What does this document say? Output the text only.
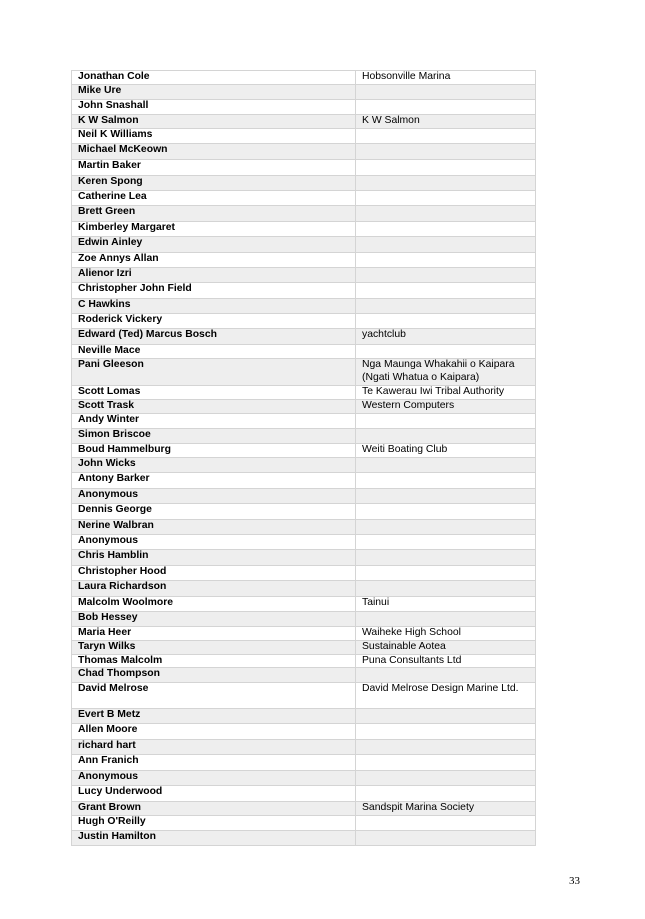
Jonathan Cole	Hobsonville Marina
Mike Ure	
John Snashall	
K W Salmon	K W Salmon
Neil K Williams	
Michael McKeown	
Martin Baker	
Keren Spong	
Catherine Lea	
Brett Green	
Kimberley Margaret	
Edwin Ainley	
Zoe Annys Allan	
Alienor Izri	
Christopher John Field	
C Hawkins	
Roderick Vickery	
Edward (Ted) Marcus Bosch	yachtclub
Neville Mace	
Pani Gleeson	Nga Maunga Whakahii o Kaipara (Ngati Whatua o Kaipara)
Scott Lomas	Te Kawerau Iwi Tribal Authority
Scott Trask	Western Computers
Andy Winter	
Simon Briscoe	
Boud Hammelburg	Weiti Boating Club
John Wicks	
Antony Barker	
Anonymous	
Dennis George	
Nerine Walbran	
Anonymous	
Chris Hamblin	
Christopher Hood	
Laura Richardson	
Malcolm Woolmore	Tainui
Bob Hessey	
Maria Heer	Waiheke High School
Taryn Wilks	Sustainable Aotea
Thomas Malcolm	Puna Consultants Ltd
Chad Thompson	
David Melrose	David Melrose Design Marine Ltd.
Evert B Metz	
Allen Moore	
richard hart	
Ann Franich	
Anonymous	
Lucy Underwood	
Grant Brown	Sandspit Marina Society
Hugh O'Reilly	
Justin Hamilton	
33
